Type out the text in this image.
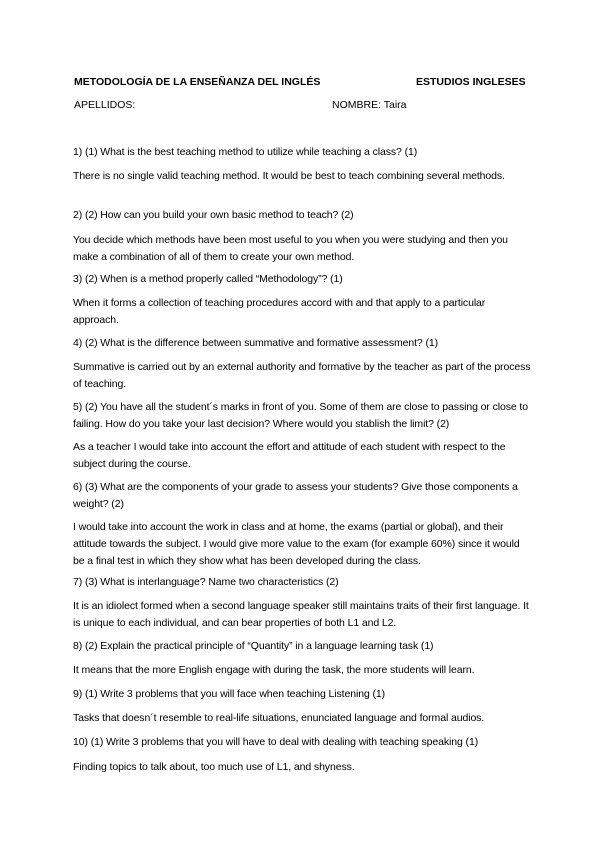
METODOLOGÍA DE LA ENSEÑANZA DEL INGLÉS	ESTUDIOS INGLESES
APELLIDOS:	NOMBRE: Taira
1) (1) What is the best teaching method to utilize while teaching a class? (1)
There is no single valid teaching method. It would be best to teach combining several methods.
2) (2) How can you build your own basic method to teach? (2)
You decide which methods have been most useful to you when you were studying and then you make a combination of all of them to create your own method.
3) (2) When is a method properly called “Methodology”? (1)
When it forms a collection of teaching procedures accord with and that apply to a particular approach.
4) (2) What is the difference between summative and formative assessment? (1)
Summative is carried out by an external authority and formative by the teacher as part of the process of teaching.
5) (2) You have all the student´s marks in front of you. Some of them are close to passing or close to failing. How do you take your last decision? Where would you stablish the limit? (2)
As a teacher I would take into account the effort and attitude of each student with respect to the subject during the course.
6) (3) What are the components of your grade to assess your students? Give those components a weight? (2)
I would take into account the work in class and at home, the exams (partial or global), and their attitude towards the subject. I would give more value to the exam (for example 60%) since it would be a final test in which they show what has been developed during the class.
7) (3) What is interlanguage? Name two characteristics (2)
It is an idiolect formed when a second language speaker still maintains traits of their first language. It is unique to each individual, and can bear properties of both L1 and L2.
8) (2) Explain the practical principle of “Quantity” in a language learning task (1)
It means that the more English engage with during the task, the more students will learn.
9) (1) Write 3 problems that you will face when teaching Listening (1)
Tasks that doesn´t resemble to real-life situations, enunciated language and formal audios.
10) (1) Write 3 problems that you will have to deal with dealing with teaching speaking (1)
Finding topics to talk about, too much use of L1, and shyness.
